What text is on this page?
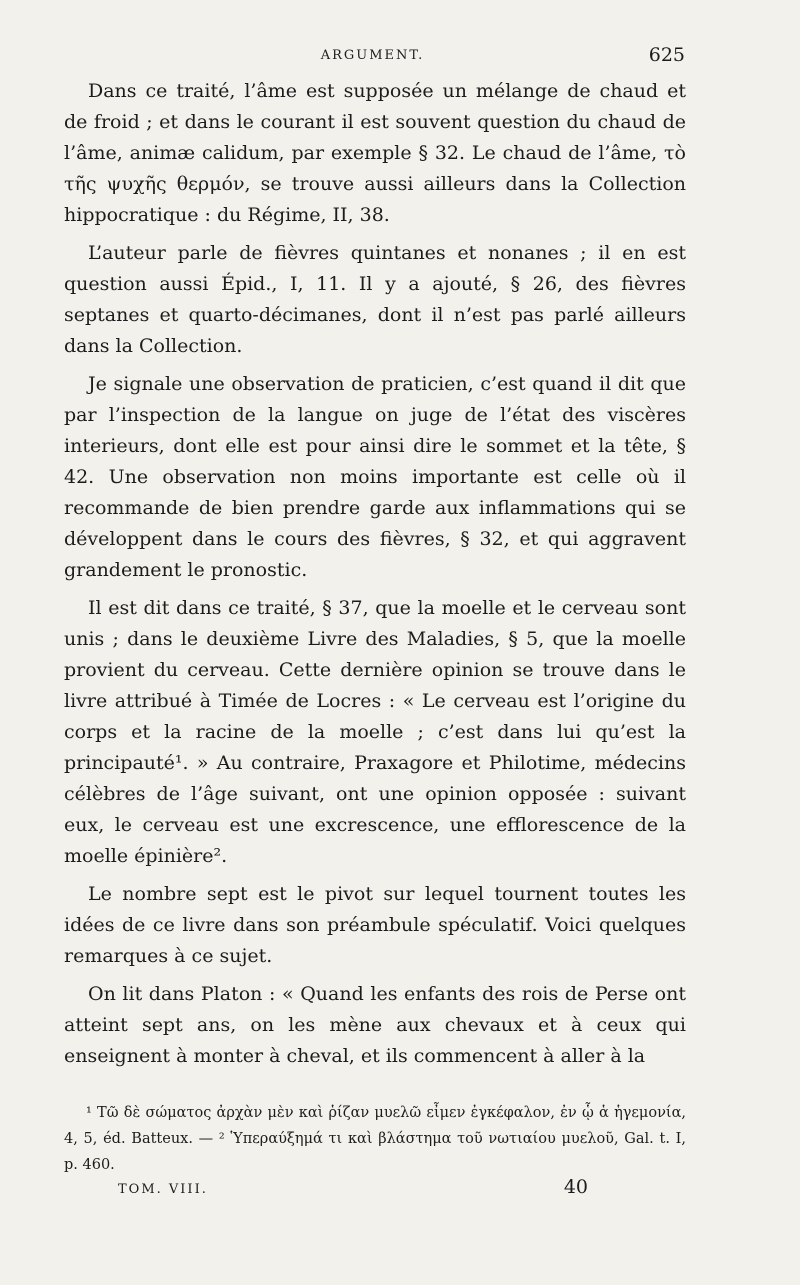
ARGUMENT.	625

Dans ce traité, l’âme est supposée un mélange de chaud et de froid ; et dans le courant il est souvent question du chaud de l’âme, animæ calidum, par exemple § 32. Le chaud de l’âme, τὸ τῆς ψυχῆς θερμόν, se trouve aussi ailleurs dans la Collection hippocratique : du Régime, II, 38.

L’auteur parle de fièvres quintanes et nonanes ; il en est question aussi Épid., I, 11. Il y a ajouté, § 26, des fièvres septanes et quarto-décimanes, dont il n’est pas parlé ailleurs dans la Collection.

Je signale une observation de praticien, c’est quand il dit que par l’inspection de la langue on juge de l’état des viscères interieurs, dont elle est pour ainsi dire le sommet et la tête, § 42. Une observation non moins importante est celle où il recommande de bien prendre garde aux inflammations qui se développent dans le cours des fièvres, § 32, et qui aggravent grandement le pronostic.

Il est dit dans ce traité, § 37, que la moelle et le cerveau sont unis ; dans le deuxième Livre des Maladies, § 5, que la moelle provient du cerveau. Cette dernière opinion se trouve dans le livre attribué à Timée de Locres : « Le cerveau est l’origine du corps et la racine de la moelle ; c’est dans lui qu’est la principauté¹. » Au contraire, Praxagore et Philotime, médecins célèbres de l’âge suivant, ont une opinion opposée : suivant eux, le cerveau est une excrescence, une efflorescence de la moelle épinière².

Le nombre sept est le pivot sur lequel tournent toutes les idées de ce livre dans son préambule spéculatif. Voici quelques remarques à ce sujet.

On lit dans Platon : « Quand les enfants des rois de Perse ont atteint sept ans, on les mène aux chevaux et à ceux qui enseignent à monter à cheval, et ils commencent à aller à la

¹ Τῶ δὲ σώματος ἀρχὰν μὲν καὶ ῥίζαν μυελῶ εἶμεν ἐγκέφαλον, ἐν ᾧ ἁ ἡγεμονία, 4, 5, éd. Batteux. — ² Ὑπεραύξημά τι καὶ βλάστημα τοῦ νωτιαίου μυελοῦ, Gal. t. I, p. 460.

TOM. VIII.	40
